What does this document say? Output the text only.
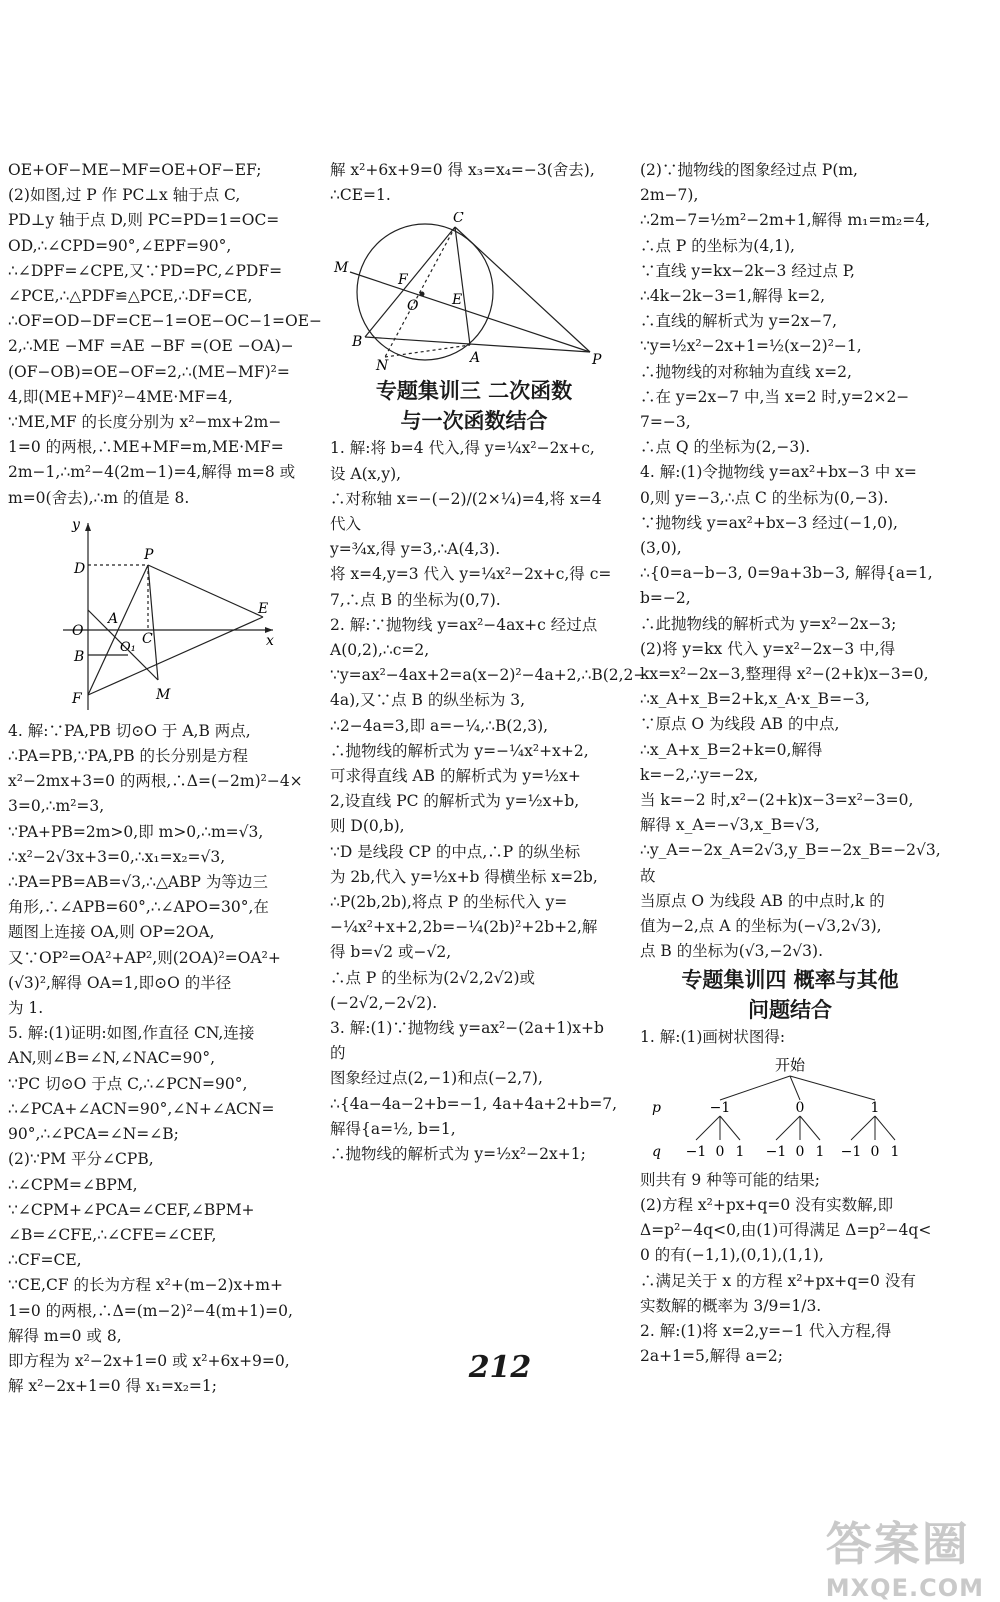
OE+OF−ME−MF=OE+OF−EF;

(2)如图,过 P 作 PC⊥x 轴于点 C,

PD⊥y 轴于点 D,则 PC=PD=1=OC=

OD,∴∠CPD=90°,∠EPF=90°,

∴∠DPF=∠CPE,又∵PD=PC,∠PDF=

∠PCE,∴△PDF≌△PCE,∴DF=CE,

∴OF=OD−DF=CE−1=OE−OC−1=OE−

2,∴ME −MF =AE −BF =(OE −OA)−

(OF−OB)=OE−OF=2,∴(ME−MF)²=

4,即(ME+MF)²−4ME·MF=4,

∵ME,MF 的长度分别为 x²−mx+2m−

1=0 的两根,∴ME+MF=m,ME·MF=

2m−1,∴m²−4(2m−1)=4,解得 m=8 或

m=0(舍去),∴m 的值是 8.

y
x
P
D
A
E
O	C
B
O₁
F	M

4. 解:∵PA,PB 切⊙O 于 A,B 两点,

∴PA=PB,∵PA,PB 的长分别是方程

x²−2mx+3=0 的两根,∴Δ=(−2m)²−4×

3=0,∴m²=3,

∵PA+PB=2m>0,即 m>0,∴m=√3,

∴x²−2√3x+3=0,∴x₁=x₂=√3,

∴PA=PB=AB=√3,∴△ABP 为等边三

角形,∴∠APB=60°,∴∠APO=30°,在

题图上连接 OA,则 OP=2OA,

又∵OP²=OA²+AP²,则(2OA)²=OA²+

(√3)²,解得 OA=1,即⊙O 的半径

为 1.

5. 解:(1)证明:如图,作直径 CN,连接

AN,则∠B=∠N,∠NAC=90°,

∵PC 切⊙O 于点 C,∴∠PCN=90°,

∴∠PCA+∠ACN=90°,∠N+∠ACN=

90°,∴∠PCA=∠N=∠B;

(2)∵PM 平分∠CPB,

∴∠CPM=∠BPM,

∵∠CPM+∠PCA=∠CEF,∠BPM+

∠B=∠CFE,∴∠CFE=∠CEF,

∴CF=CE,

∵CE,CF 的长为方程 x²+(m−2)x+m+

1=0 的两根,∴Δ=(m−2)²−4(m+1)=0,

解得 m=0 或 8,

即方程为 x²−2x+1=0 或 x²+6x+9=0,

解 x²−2x+1=0 得 x₁=x₂=1;

解 x²+6x+9=0 得 x₃=x₄=−3(舍去),

∴CE=1.

C
M
F
O E
B
N	A	P
专题集训三 二次函数
与一次函数结合

1. 解:将 b=4 代入,得 y=¼x²−2x+c,

设 A(x,y),

∴对称轴 x=−(−2)/(2×¼)=4,将 x=4 代入

y=¾x,得 y=3,∴A(4,3).

将 x=4,y=3 代入 y=¼x²−2x+c,得 c=

7,∴点 B 的坐标为(0,7).

2. 解:∵抛物线 y=ax²−4ax+c 经过点

A(0,2),∴c=2,

∵y=ax²−4ax+2=a(x−2)²−4a+2,∴B(2,2−

4a),又∵点 B 的纵坐标为 3,

∴2−4a=3,即 a=−¼,∴B(2,3),

∴抛物线的解析式为 y=−¼x²+x+2,

可求得直线 AB 的解析式为 y=½x+

2,设直线 PC 的解析式为 y=½x+b,

则 D(0,b),

∵D 是线段 CP 的中点,∴P 的纵坐标

为 2b,代入 y=½x+b 得横坐标 x=2b,

∴P(2b,2b),将点 P 的坐标代入 y=

−¼x²+x+2,2b=−¼(2b)²+2b+2,解

得 b=√2 或−√2,

∴点 P 的坐标为(2√2,2√2)或

(−2√2,−2√2).

3. 解:(1)∵抛物线 y=ax²−(2a+1)x+b 的

图象经过点(2,−1)和点(−2,7),

∴{4a−4a−2+b=−1, 4a+4a+2+b=7, 解得{a=½, b=1,

∴抛物线的解析式为 y=½x²−2x+1;

(2)∵抛物线的图象经过点 P(m,

2m−7),

∴2m−7=½m²−2m+1,解得 m₁=m₂=4,

∴点 P 的坐标为(4,1),

∵直线 y=kx−2k−3 经过点 P,

∴4k−2k−3=1,解得 k=2,

∴直线的解析式为 y=2x−7,

∵y=½x²−2x+1=½(x−2)²−1,

∴抛物线的对称轴为直线 x=2,

∴在 y=2x−7 中,当 x=2 时,y=2×2−

7=−3,

∴点 Q 的坐标为(2,−3).

4. 解:(1)令抛物线 y=ax²+bx−3 中 x=

0,则 y=−3,∴点 C 的坐标为(0,−3).

∵抛物线 y=ax²+bx−3 经过(−1,0),

(3,0),

∴{0=a−b−3, 0=9a+3b−3, 解得{a=1, b=−2,

∴此抛物线的解析式为 y=x²−2x−3;

(2)将 y=kx 代入 y=x²−2x−3 中,得

kx=x²−2x−3,整理得 x²−(2+k)x−3=0,

∴x_A+x_B=2+k,x_A·x_B=−3,

∵原点 O 为线段 AB 的中点,

∴x_A+x_B=2+k=0,解得 k=−2,∴y=−2x,

当 k=−2 时,x²−(2+k)x−3=x²−3=0,

解得 x_A=−√3,x_B=√3,

∴y_A=−2x_A=2√3,y_B=−2x_B=−2√3,故

当原点 O 为线段 AB 的中点时,k 的

值为−2,点 A 的坐标为(−√3,2√3),

点 B 的坐标为(√3,−2√3).

专题集训四 概率与其他
问题结合

1. 解:(1)画树状图得:

开始
p
q
−1	0	1
−1 0 1 −1 0 1 −1 0 1

则共有 9 种等可能的结果;

(2)方程 x²+px+q=0 没有实数解,即

Δ=p²−4q<0,由(1)可得满足 Δ=p²−4q<

0 的有(−1,1),(0,1),(1,1),

∴满足关于 x 的方程 x²+px+q=0 没有

实数解的概率为 3/9=1/3.

2. 解:(1)将 x=2,y=−1 代入方程,得

2a+1=5,解得 a=2;

212
答案圈
MXQE.COM
